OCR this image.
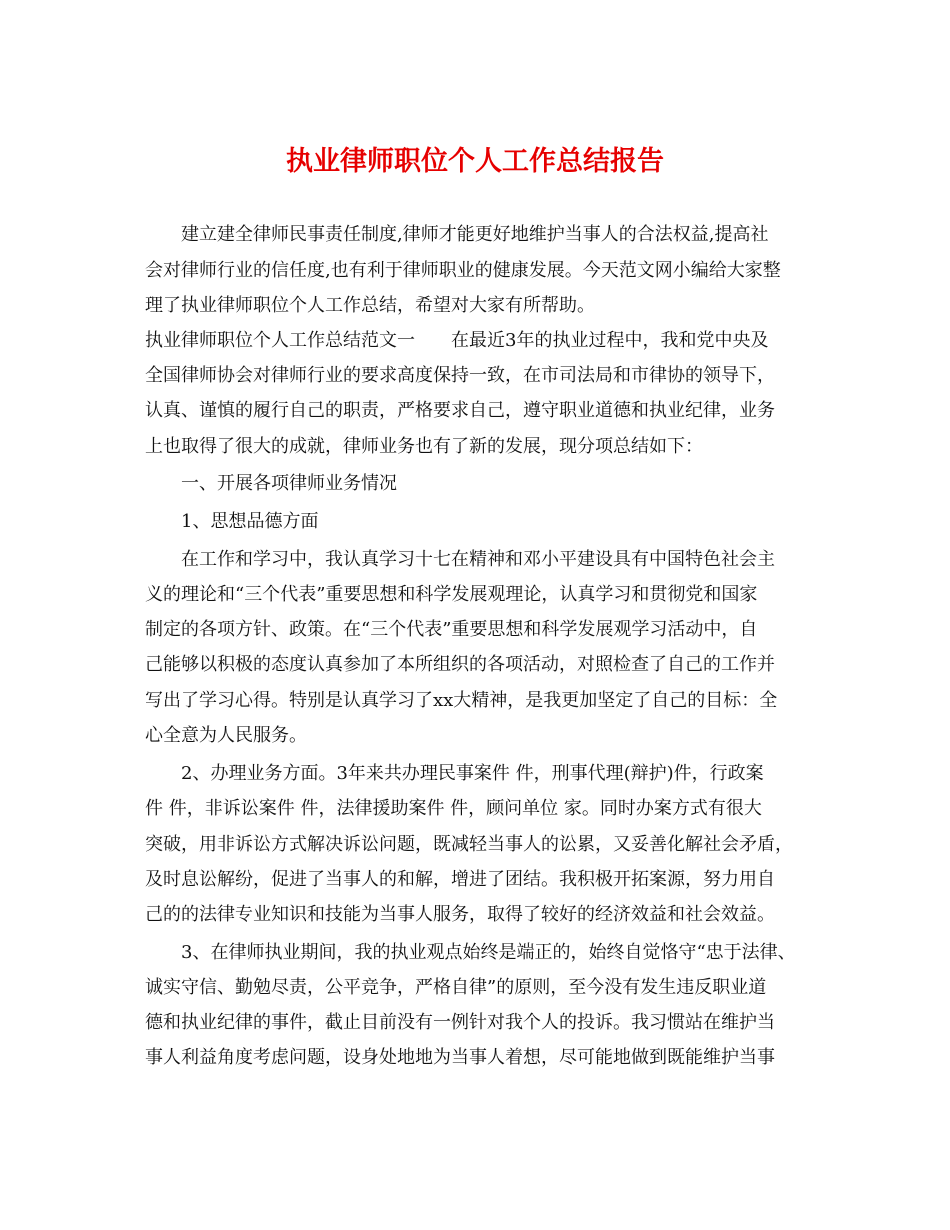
执业律师职位个人工作总结报告

建立建全律师民事责任制度,律师才能更好地维护当事人的合法权益,提高社

会对律师行业的信任度,也有利于律师职业的健康发展。今天范文网小编给大家整

理了执业律师职位个人工作总结，希望对大家有所帮助。

执业律师职位个人工作总结范文一　　在最近3年的执业过程中，我和党中央及

全国律师协会对律师行业的要求高度保持一致，在市司法局和市律协的领导下，

认真、谨慎的履行自己的职责，严格要求自己，遵守职业道德和执业纪律，业务

上也取得了很大的成就，律师业务也有了新的发展，现分项总结如下：

一、开展各项律师业务情况

1、思想品德方面

在工作和学习中，我认真学习十七在精神和邓小平建设具有中国特色社会主

义的理论和“三个代表”重要思想和科学发展观理论，认真学习和贯彻党和国家

制定的各项方针、政策。在“三个代表”重要思想和科学发展观学习活动中，自

己能够以积极的态度认真参加了本所组织的各项活动，对照检查了自己的工作并

写出了学习心得。特别是认真学习了xx大精神，是我更加坚定了自己的目标：全

心全意为人民服务。

2、办理业务方面。3年来共办理民事案件 件，刑事代理(辩护)件，行政案

件 件，非诉讼案件 件，法律援助案件 件，顾问单位 家。同时办案方式有很大

突破，用非诉讼方式解决诉讼问题，既减轻当事人的讼累，又妥善化解社会矛盾，

及时息讼解纷，促进了当事人的和解，增进了团结。我积极开拓案源，努力用自

己的的法律专业知识和技能为当事人服务，取得了较好的经济效益和社会效益。

3、在律师执业期间，我的执业观点始终是端正的，始终自觉恪守“忠于法律、

诚实守信、勤勉尽责，公平竞争，严格自律”的原则，至今没有发生违反职业道

德和执业纪律的事件，截止目前没有一例针对我个人的投诉。我习惯站在维护当

事人利益角度考虑问题，设身处地地为当事人着想，尽可能地做到既能维护当事
